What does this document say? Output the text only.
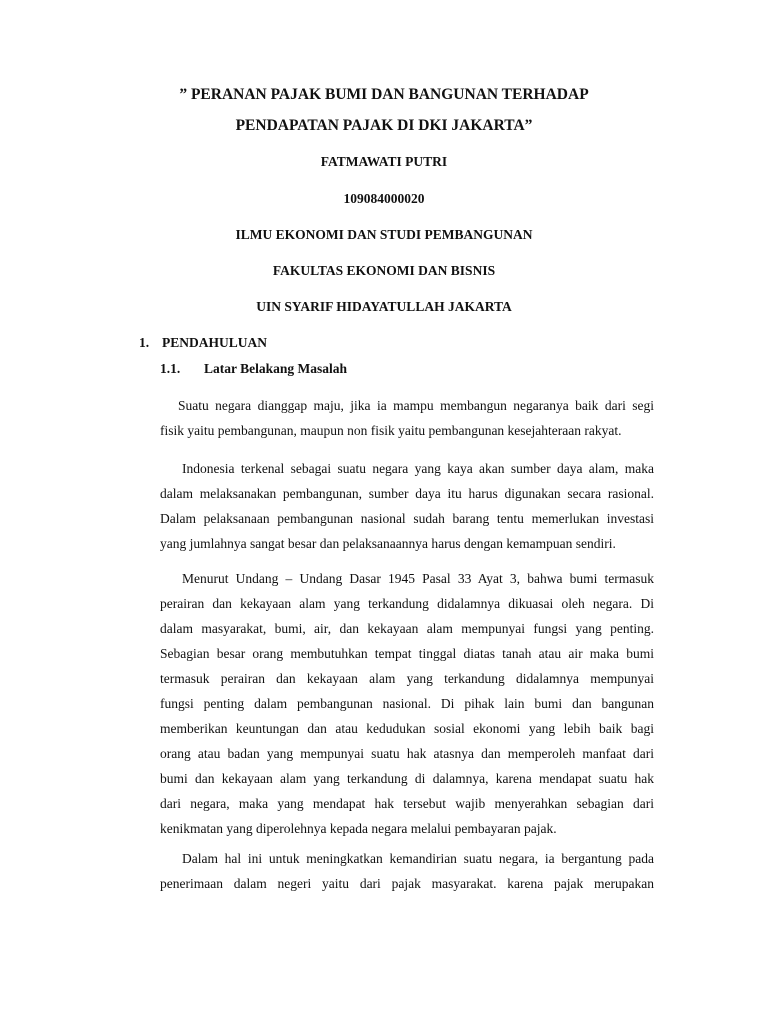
” PERANAN PAJAK BUMI DAN BANGUNAN TERHADAP
PENDAPATAN PAJAK DI DKI JAKARTA”
FATMAWATI PUTRI
109084000020
ILMU EKONOMI DAN STUDI PEMBANGUNAN
FAKULTAS EKONOMI DAN BISNIS
UIN SYARIF HIDAYATULLAH JAKARTA
1. PENDAHULUAN
1.1. Latar Belakang Masalah
Suatu negara dianggap maju, jika ia mampu membangun negaranya baik dari segi
fisik yaitu pembangunan, maupun non fisik yaitu pembangunan kesejahteraan rakyat.
Indonesia terkenal sebagai suatu negara yang kaya akan sumber daya alam, maka
dalam melaksanakan pembangunan, sumber daya itu harus digunakan secara rasional.
Dalam pelaksanaan pembangunan nasional sudah barang tentu memerlukan investasi
yang jumlahnya sangat besar dan pelaksanaannya harus dengan kemampuan sendiri.
Menurut Undang – Undang Dasar 1945 Pasal 33 Ayat 3, bahwa bumi termasuk
perairan dan kekayaan alam yang terkandung didalamnya dikuasai oleh negara. Di
dalam masyarakat, bumi, air, dan kekayaan alam mempunyai fungsi yang penting.
Sebagian besar orang membutuhkan tempat tinggal diatas tanah atau air maka bumi
termasuk perairan dan kekayaan alam yang terkandung didalamnya mempunyai
fungsi penting dalam pembangunan nasional. Di pihak lain bumi dan bangunan
memberikan keuntungan dan atau kedudukan sosial ekonomi yang lebih baik bagi
orang atau badan yang mempunyai suatu hak atasnya dan memperoleh manfaat dari
bumi dan kekayaan alam yang terkandung di dalamnya, karena mendapat suatu hak
dari negara, maka yang mendapat hak tersebut wajib menyerahkan sebagian dari
kenikmatan yang diperolehnya kepada negara melalui pembayaran pajak.
Dalam hal ini untuk meningkatkan kemandirian suatu negara, ia bergantung pada
penerimaan dalam negeri yaitu dari pajak masyarakat. karena pajak merupakan
